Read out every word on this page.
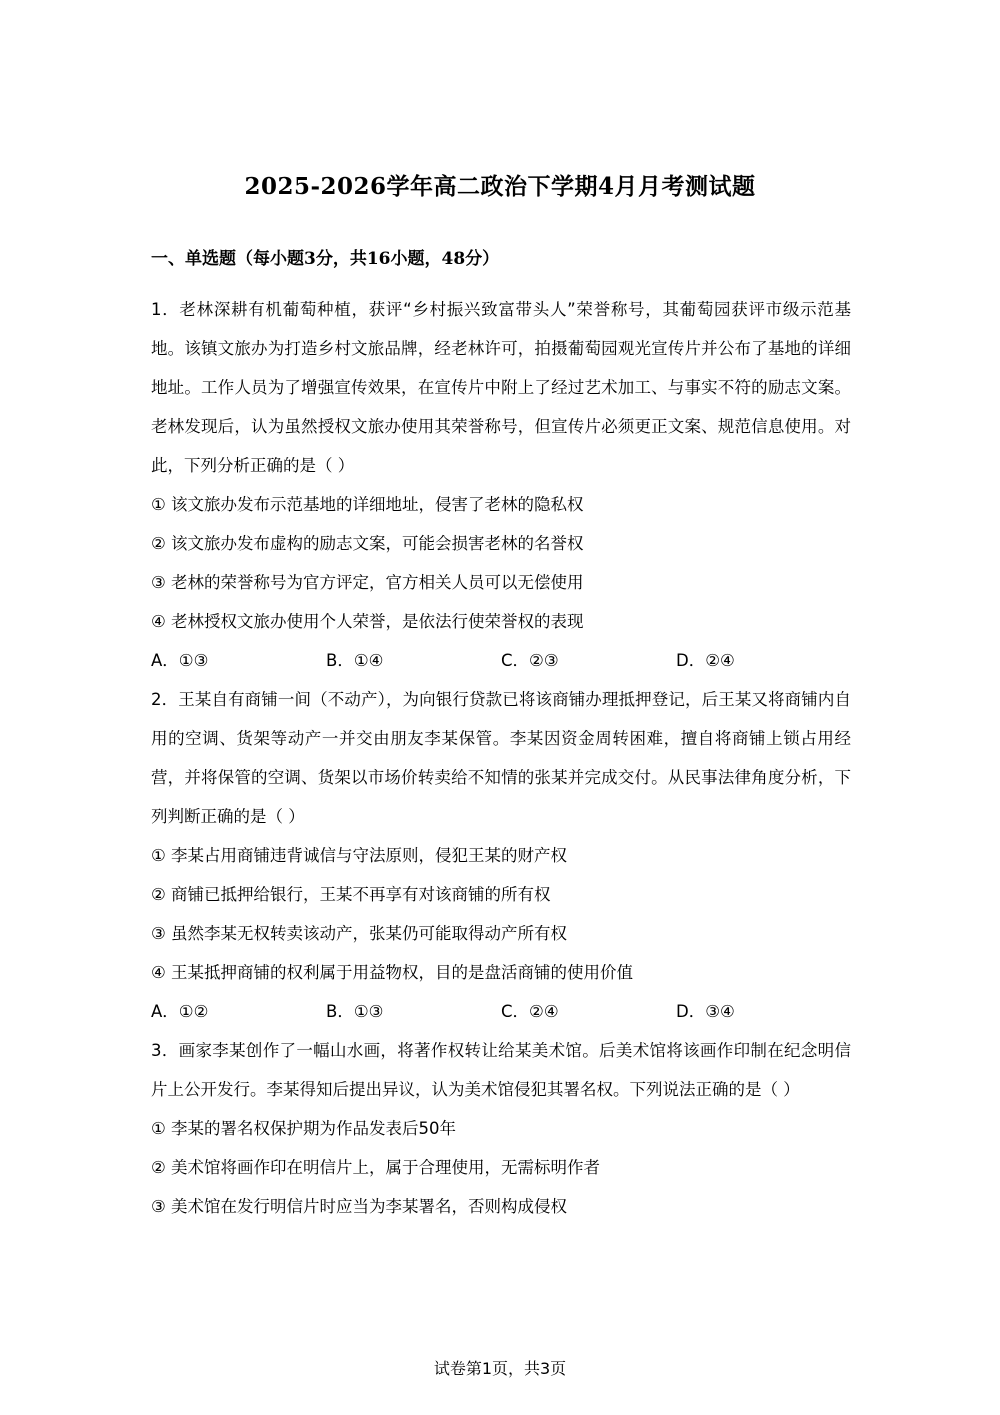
2025-2026学年高二政治下学期4月月考测试题
一、单选题（每小题3分，共16小题，48分）

1．老林深耕有机葡萄种植，获评“乡村振兴致富带头人”荣誉称号，其葡萄园获评市级示范基地。该镇文旅办为打造乡村文旅品牌，经老林许可，拍摄葡萄园观光宣传片并公布了基地的详细地址。工作人员为了增强宣传效果，在宣传片中附上了经过艺术加工、与事实不符的励志文案。老林发现后，认为虽然授权文旅办使用其荣誉称号，但宣传片必须更正文案、规范信息使用。对此，下列分析正确的是（ ）

① 该文旅办发布示范基地的详细地址，侵害了老林的隐私权

② 该文旅办发布虚构的励志文案，可能会损害老林的名誉权

③ 老林的荣誉称号为官方评定，官方相关人员可以无偿使用

④ 老林授权文旅办使用个人荣誉，是依法行使荣誉权的表现

A．①③	B．①④	C．②③	D．②④

2．王某自有商铺一间（不动产），为向银行贷款已将该商铺办理抵押登记，后王某又将商铺内自用的空调、货架等动产一并交由朋友李某保管。李某因资金周转困难，擅自将商铺上锁占用经营，并将保管的空调、货架以市场价转卖给不知情的张某并完成交付。从民事法律角度分析，下列判断正确的是（ ）

① 李某占用商铺违背诚信与守法原则，侵犯王某的财产权

② 商铺已抵押给银行，王某不再享有对该商铺的所有权

③ 虽然李某无权转卖该动产，张某仍可能取得动产所有权

④ 王某抵押商铺的权利属于用益物权，目的是盘活商铺的使用价值

A．①②	B．①③	C．②④	D．③④

3．画家李某创作了一幅山水画，将著作权转让给某美术馆。后美术馆将该画作印制在纪念明信片上公开发行。李某得知后提出异议，认为美术馆侵犯其署名权。下列说法正确的是（ ）

① 李某的署名权保护期为作品发表后50年

② 美术馆将画作印在明信片上，属于合理使用，无需标明作者

③ 美术馆在发行明信片时应当为李某署名，否则构成侵权

试卷第1页，共3页
